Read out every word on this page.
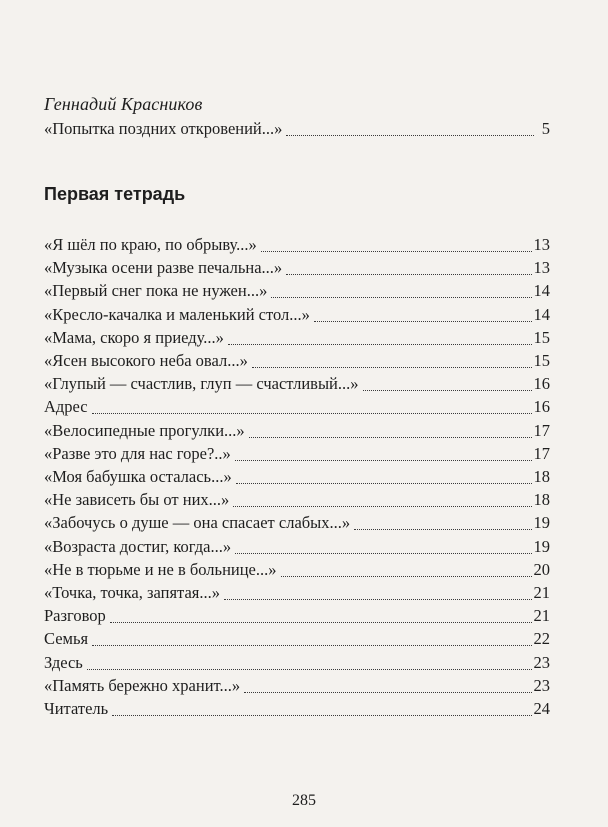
Геннадий Красников
«Попытка поздних откровений...»	5
Первая тетрадь
«Я шёл по краю, по обрыву...»	13
«Музыка осени разве печальна...»	13
«Первый снег пока не нужен...»	14
«Кресло-качалка и маленький стол...»	14
«Мама, скоро я приеду...»	15
«Ясен высокого неба овал...»	15
«Глупый — счастлив, глуп — счастливый...»	16
Адрес	16
«Велосипедные прогулки...»	17
«Разве это для нас горе?..»	17
«Моя бабушка осталась...»	18
«Не зависеть бы от них...»	18
«Забочусь о душе — она спасает слабых...»	19
«Возраста достиг, когда...»	19
«Не в тюрьме и не в больнице...»	20
«Точка, точка, запятая...»	21
Разговор	21
Семья	22
Здесь	23
«Память бережно хранит...»	23
Читатель	24
285
